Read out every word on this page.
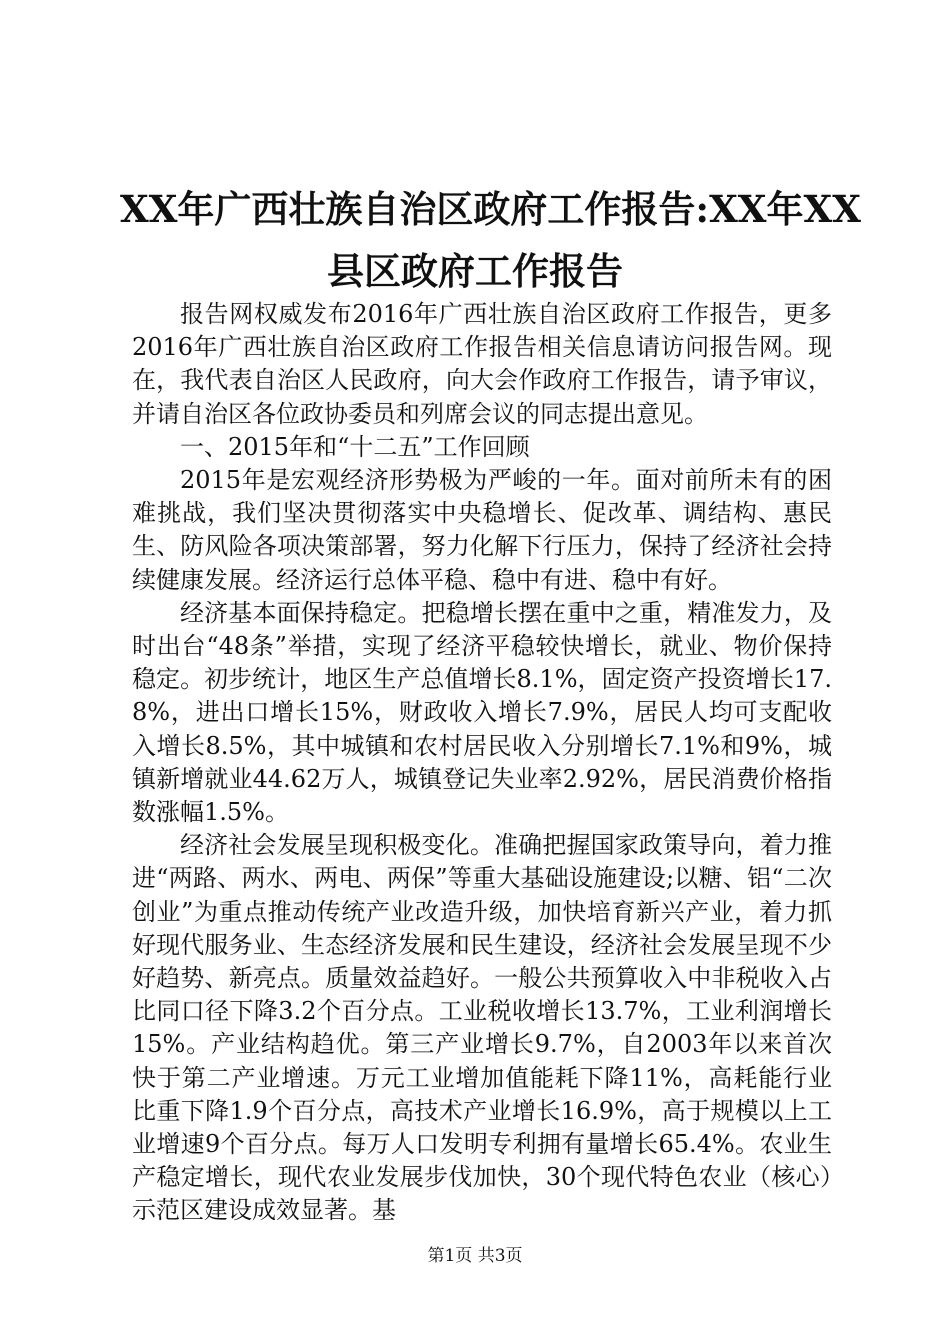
XX年广西壮族自治区政府工作报告:XX年XX
县区政府工作报告

报告网权威发布2016年广西壮族自治区政府工作报告，更多2016年广西壮族自治区政府工作报告相关信息请访问报告网。现在，我代表自治区人民政府，向大会作政府工作报告，请予审议，并请自治区各位政协委员和列席会议的同志提出意见。

一、2015年和“十二五”工作回顾

2015年是宏观经济形势极为严峻的一年。面对前所未有的困难挑战，我们坚决贯彻落实中央稳增长、促改革、调结构、惠民生、防风险各项决策部署，努力化解下行压力，保持了经济社会持续健康发展。经济运行总体平稳、稳中有进、稳中有好。

经济基本面保持稳定。把稳增长摆在重中之重，精准发力，及时出台“48条”举措，实现了经济平稳较快增长，就业、物价保持稳定。初步统计，地区生产总值增长8.1%，固定资产投资增长17.8%，进出口增长15%，财政收入增长7.9%，居民人均可支配收入增长8.5%，其中城镇和农村居民收入分别增长7.1%和9%，城镇新增就业44.62万人，城镇登记失业率2.92%，居民消费价格指数涨幅1.5%。

经济社会发展呈现积极变化。准确把握国家政策导向，着力推进“两路、两水、两电、两保”等重大基础设施建设;以糖、铝“二次创业”为重点推动传统产业改造升级，加快培育新兴产业，着力抓好现代服务业、生态经济发展和民生建设，经济社会发展呈现不少好趋势、新亮点。质量效益趋好。一般公共预算收入中非税收入占比同口径下降3.2个百分点。工业税收增长13.7%，工业利润增长15%。产业结构趋优。第三产业增长9.7%，自2003年以来首次快于第二产业增速。万元工业增加值能耗下降11%，高耗能行业比重下降1.9个百分点，高技术产业增长16.9%，高于规模以上工业增速9个百分点。每万人口发明专利拥有量增长65.4%。农业生产稳定增长，现代农业发展步伐加快，30个现代特色农业（核心）示范区建设成效显著。基

第1页 共3页
